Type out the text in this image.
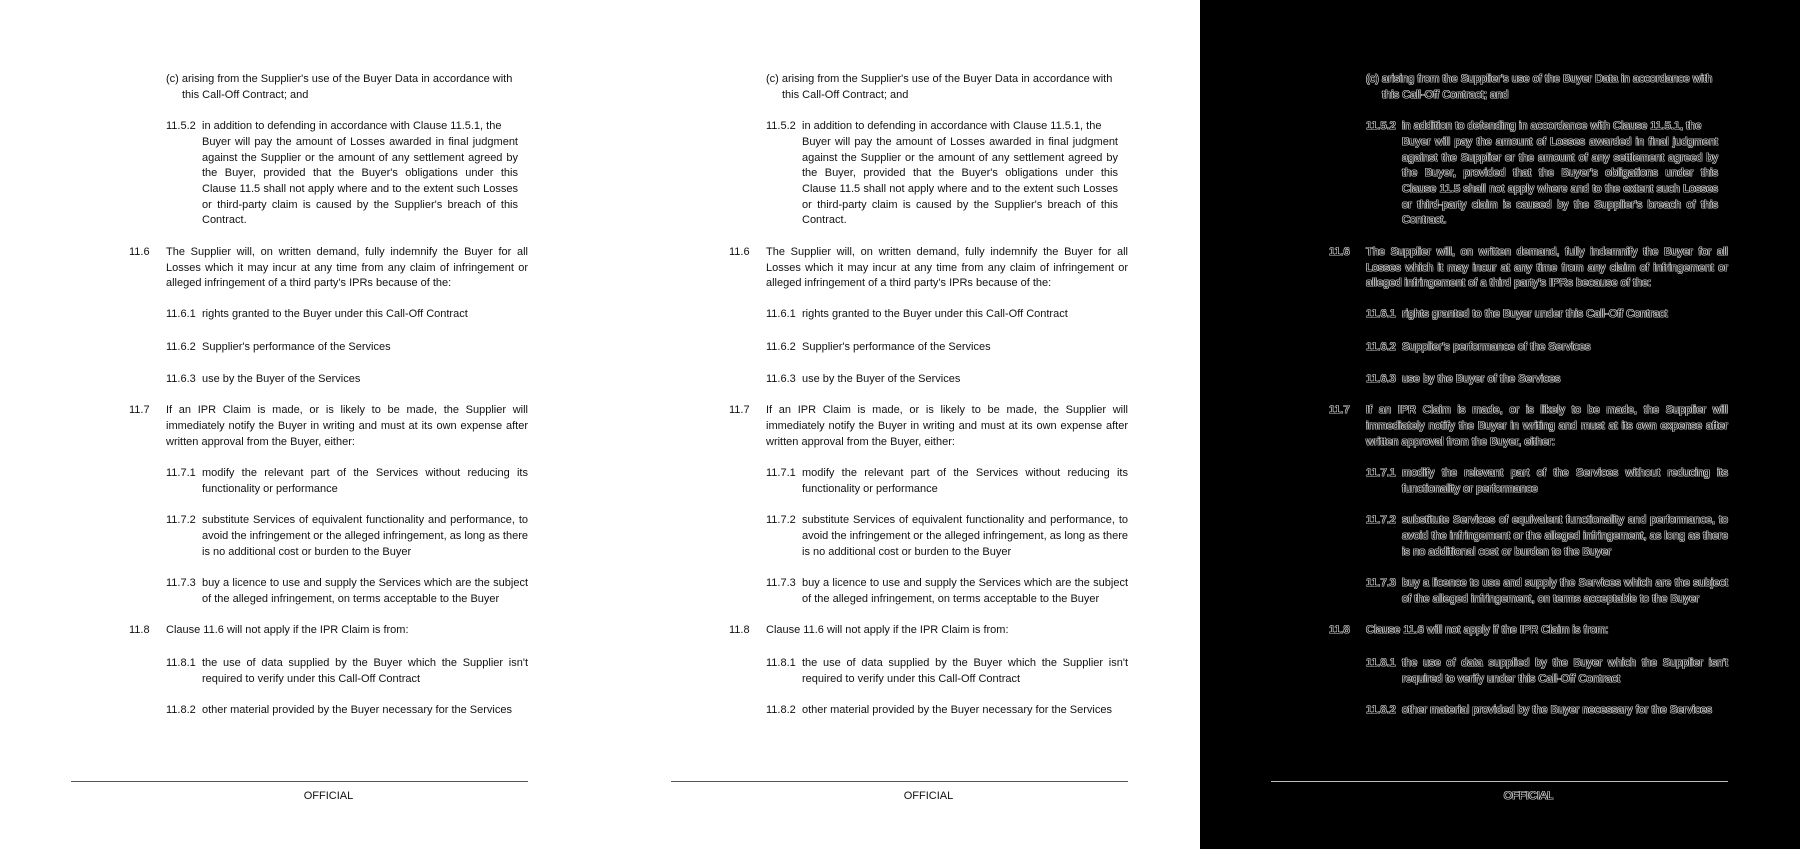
(c) arising from the Supplier's use of the Buyer Data in accordance with
this Call-Off Contract; and
11.5.2 in addition to defending in accordance with Clause 11.5.1, the
Buyer will pay the amount of Losses awarded in final judgment
against the Supplier or the amount of any settlement agreed by
the Buyer, provided that the Buyer's obligations under this
Clause 11.5 shall not apply where and to the extent such Losses
or third-party claim is caused by the Supplier's breach of this
Contract.
11.6 The Supplier will, on written demand, fully indemnify the Buyer for all
Losses which it may incur at any time from any claim of infringement or
alleged infringement of a third party's IPRs because of the:
11.6.1 rights granted to the Buyer under this Call-Off Contract
11.6.2 Supplier's performance of the Services
11.6.3 use by the Buyer of the Services
11.7 If an IPR Claim is made, or is likely to be made, the Supplier will
immediately notify the Buyer in writing and must at its own expense after
written approval from the Buyer, either:
11.7.1 modify the relevant part of the Services without reducing its
functionality or performance
11.7.2 substitute Services of equivalent functionality and performance, to
avoid the infringement or the alleged infringement, as long as there
is no additional cost or burden to the Buyer
11.7.3 buy a licence to use and supply the Services which are the subject
of the alleged infringement, on terms acceptable to the Buyer
11.8 Clause 11.6 will not apply if the IPR Claim is from:
11.8.1 the use of data supplied by the Buyer which the Supplier isn't
required to verify under this Call-Off Contract
11.8.2 other material provided by the Buyer necessary for the Services
OFFICIAL
(c) arising from the Supplier's use of the Buyer Data in accordance with
this Call-Off Contract; and
11.5.2 in addition to defending in accordance with Clause 11.5.1, the
Buyer will pay the amount of Losses awarded in final judgment
against the Supplier or the amount of any settlement agreed by
the Buyer, provided that the Buyer's obligations under this
Clause 11.5 shall not apply where and to the extent such Losses
or third-party claim is caused by the Supplier's breach of this
Contract.
11.6 The Supplier will, on written demand, fully indemnify the Buyer for all
Losses which it may incur at any time from any claim of infringement or
alleged infringement of a third party's IPRs because of the:
11.6.1 rights granted to the Buyer under this Call-Off Contract
11.6.2 Supplier's performance of the Services
11.6.3 use by the Buyer of the Services
11.7 If an IPR Claim is made, or is likely to be made, the Supplier will
immediately notify the Buyer in writing and must at its own expense after
written approval from the Buyer, either:
11.7.1 modify the relevant part of the Services without reducing its
functionality or performance
11.7.2 substitute Services of equivalent functionality and performance, to
avoid the infringement or the alleged infringement, as long as there
is no additional cost or burden to the Buyer
11.7.3 buy a licence to use and supply the Services which are the subject
of the alleged infringement, on terms acceptable to the Buyer
11.8 Clause 11.6 will not apply if the IPR Claim is from:
11.8.1 the use of data supplied by the Buyer which the Supplier isn't
required to verify under this Call-Off Contract
11.8.2 other material provided by the Buyer necessary for the Services
OFFICIAL
(c) arising from the Supplier's use of the Buyer Data in accordance with
this Call-Off Contract; and
11.5.2 in addition to defending in accordance with Clause 11.5.1, the
Buyer will pay the amount of Losses awarded in final judgment
against the Supplier or the amount of any settlement agreed by
the Buyer, provided that the Buyer's obligations under this
Clause 11.5 shall not apply where and to the extent such Losses
or third-party claim is caused by the Supplier's breach of this
Contract.
11.6 The Supplier will, on written demand, fully indemnify the Buyer for all
Losses which it may incur at any time from any claim of infringement or
alleged infringement of a third party's IPRs because of the:
11.6.1 rights granted to the Buyer under this Call-Off Contract
11.6.2 Supplier's performance of the Services
11.6.3 use by the Buyer of the Services
11.7 If an IPR Claim is made, or is likely to be made, the Supplier will
immediately notify the Buyer in writing and must at its own expense after
written approval from the Buyer, either:
11.7.1 modify the relevant part of the Services without reducing its
functionality or performance
11.7.2 substitute Services of equivalent functionality and performance, to
avoid the infringement or the alleged infringement, as long as there
is no additional cost or burden to the Buyer
11.7.3 buy a licence to use and supply the Services which are the subject
of the alleged infringement, on terms acceptable to the Buyer
11.8 Clause 11.6 will not apply if the IPR Claim is from:
11.8.1 the use of data supplied by the Buyer which the Supplier isn't
required to verify under this Call-Off Contract
11.8.2 other material provided by the Buyer necessary for the Services
OFFICIAL
